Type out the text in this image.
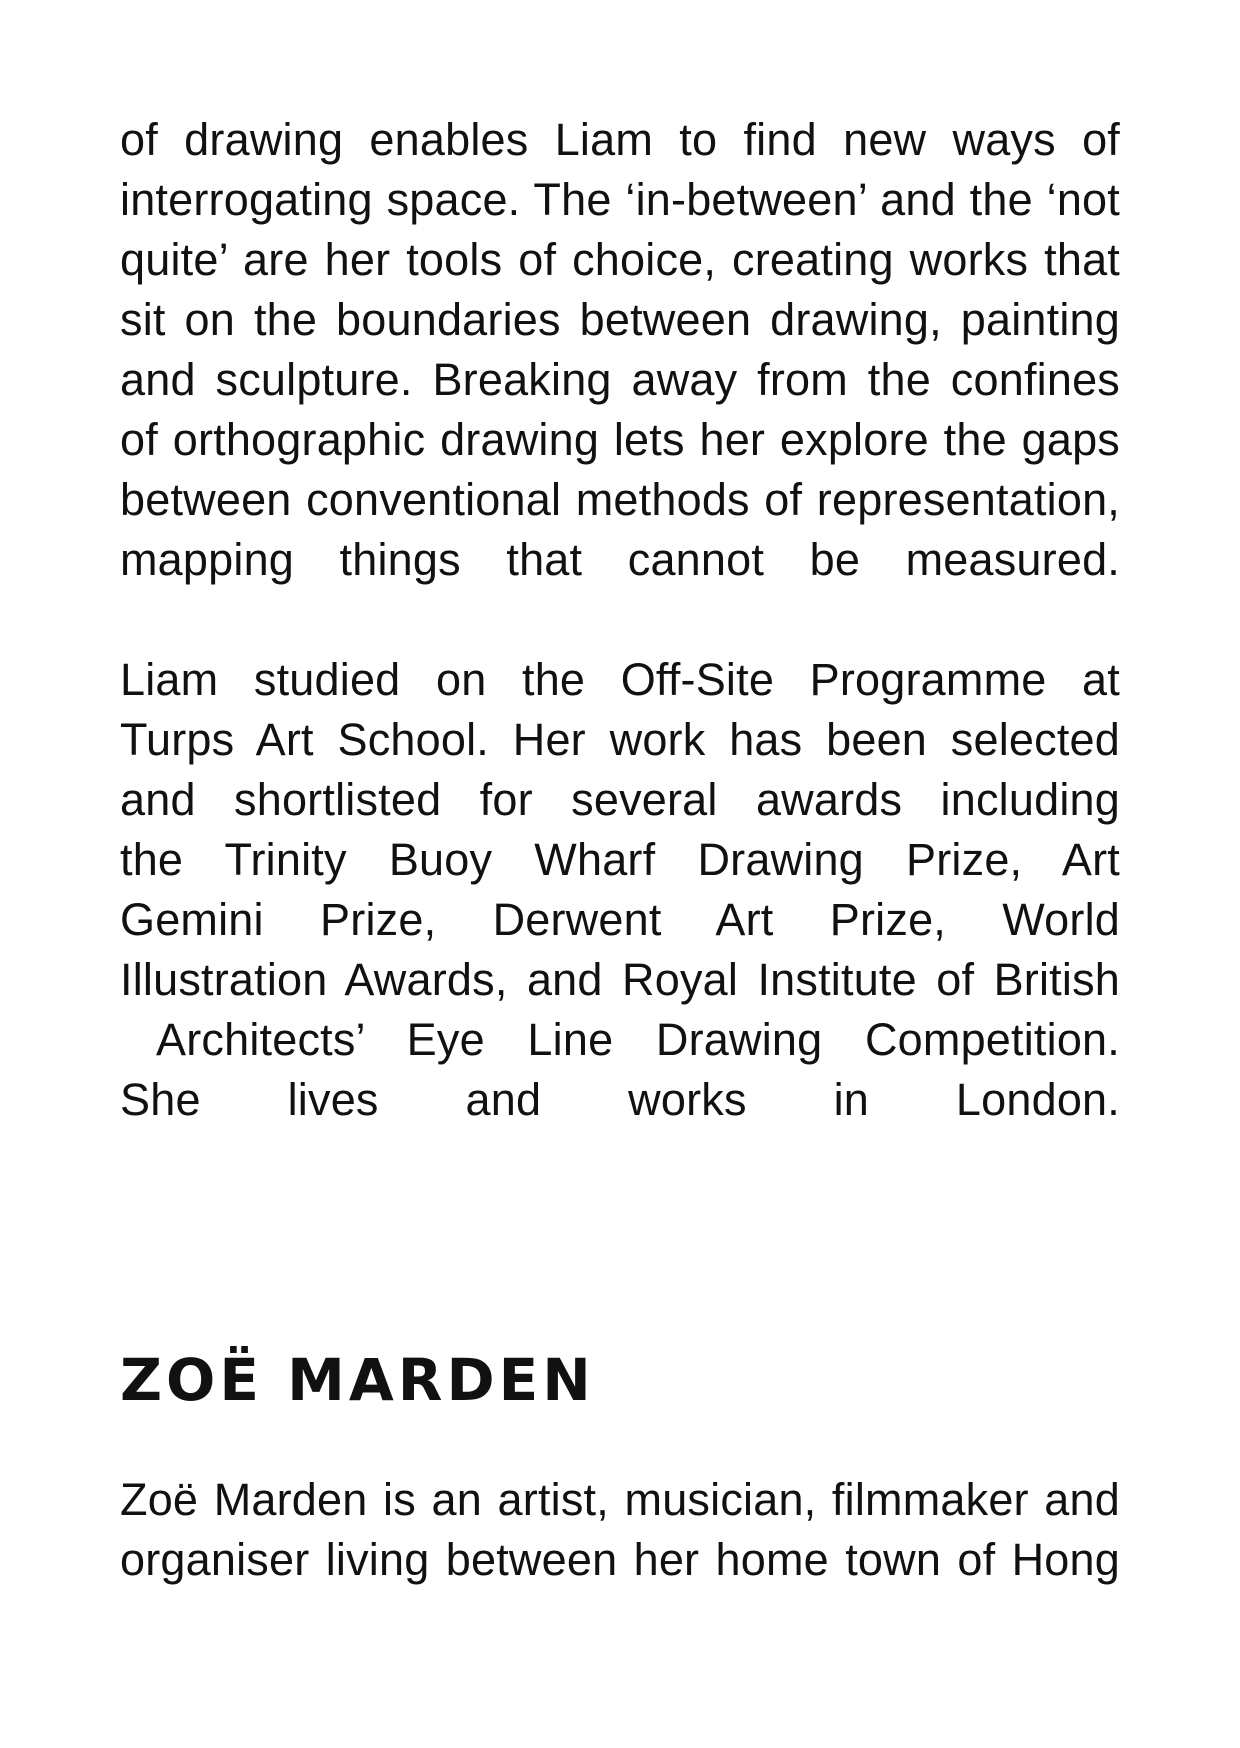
of drawing enables Liam to find new ways of
interrogating space. The ‘in-between’ and the ‘not
quite’ are her tools of choice, creating works that
sit on the boundaries between drawing, painting
and sculpture. Breaking away from the confines
of orthographic drawing lets her explore the gaps
between conventional methods of representation,
mapping things that cannot be measured.
Liam studied on the Off-Site Programme at
Turps Art School. Her work has been selected
and shortlisted for several awards including
the Trinity Buoy Wharf Drawing Prize, Art
Gemini Prize, Derwent Art Prize, World
Illustration Awards, and Royal Institute of British
Architects’ Eye Line Drawing Competition.
She lives and works in London.
ZOË MARDEN
Zoë Marden is an artist, musician, filmmaker and
organiser living between her home town of Hong
